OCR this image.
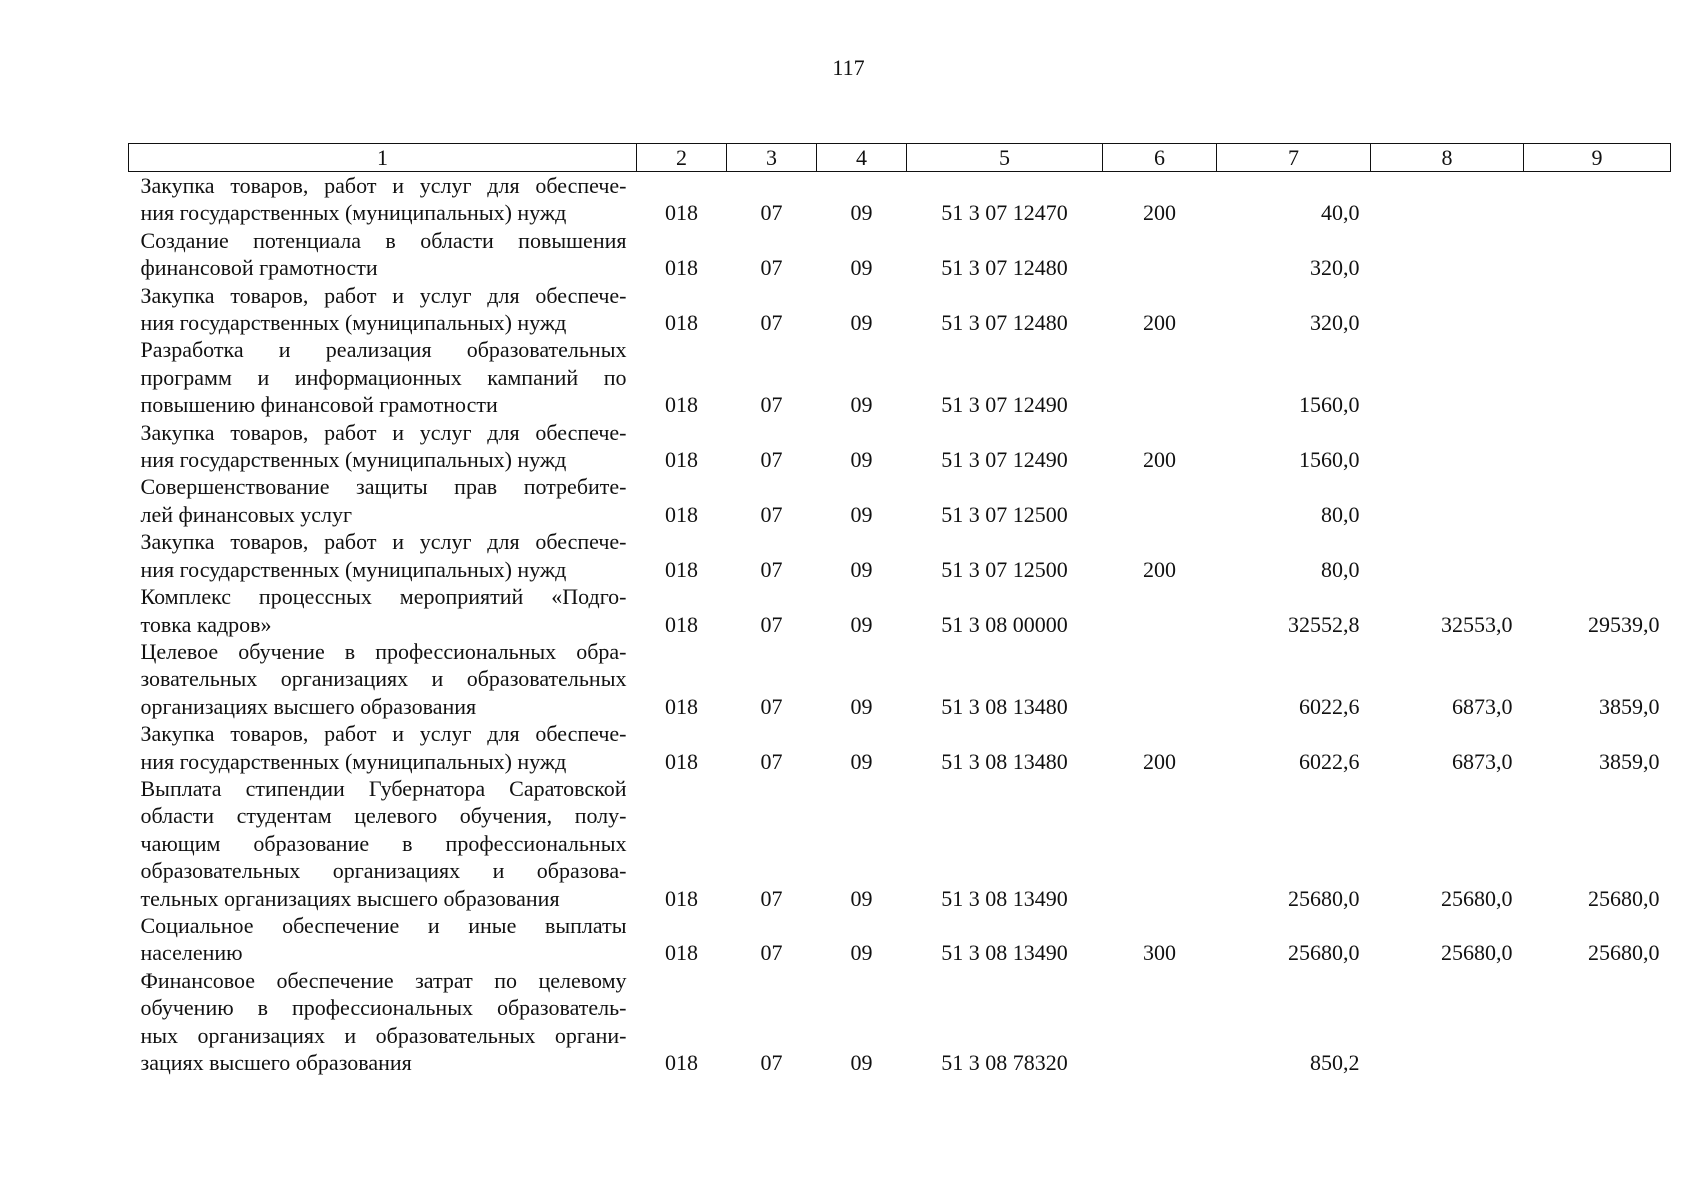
117
1	2	3	4	5	6	7	8	9

Закупка товаров, работ и услуг для обеспече-
ния государственных (муниципальных) нужд	018	07	09	51 3 07 12470	200	40,0		

Создание потенциала в области повышения
финансовой грамотности	018	07	09	51 3 07 12480		320,0		

Закупка товаров, работ и услуг для обеспече-
ния государственных (муниципальных) нужд	018	07	09	51 3 07 12480	200	320,0		

Разработка и реализация образовательных
программ и информационных кампаний по
повышению финансовой грамотности	018	07	09	51 3 07 12490		1560,0		

Закупка товаров, работ и услуг для обеспече-
ния государственных (муниципальных) нужд	018	07	09	51 3 07 12490	200	1560,0		

Совершенствование защиты прав потребите-
лей финансовых услуг	018	07	09	51 3 07 12500		80,0		

Закупка товаров, работ и услуг для обеспече-
ния государственных (муниципальных) нужд	018	07	09	51 3 07 12500	200	80,0		

Комплекс процессных мероприятий «Подго-
товка кадров»	018	07	09	51 3 08 00000		32552,8	32553,0	29539,0

Целевое обучение в профессиональных обра-
зовательных организациях и образовательных
организациях высшего образования	018	07	09	51 3 08 13480		6022,6	6873,0	3859,0

Закупка товаров, работ и услуг для обеспече-
ния государственных (муниципальных) нужд	018	07	09	51 3 08 13480	200	6022,6	6873,0	3859,0

Выплата стипендии Губернатора Саратовской
области студентам целевого обучения, полу-
чающим образование в профессиональных
образовательных организациях и образова-
тельных организациях высшего образования	018	07	09	51 3 08 13490		25680,0	25680,0	25680,0

Социальное обеспечение и иные выплаты
населению	018	07	09	51 3 08 13490	300	25680,0	25680,0	25680,0

Финансовое обеспечение затрат по целевому
обучению в профессиональных образователь-
ных организациях и образовательных органи-
зациях высшего образования	018	07	09	51 3 08 78320		850,2		
